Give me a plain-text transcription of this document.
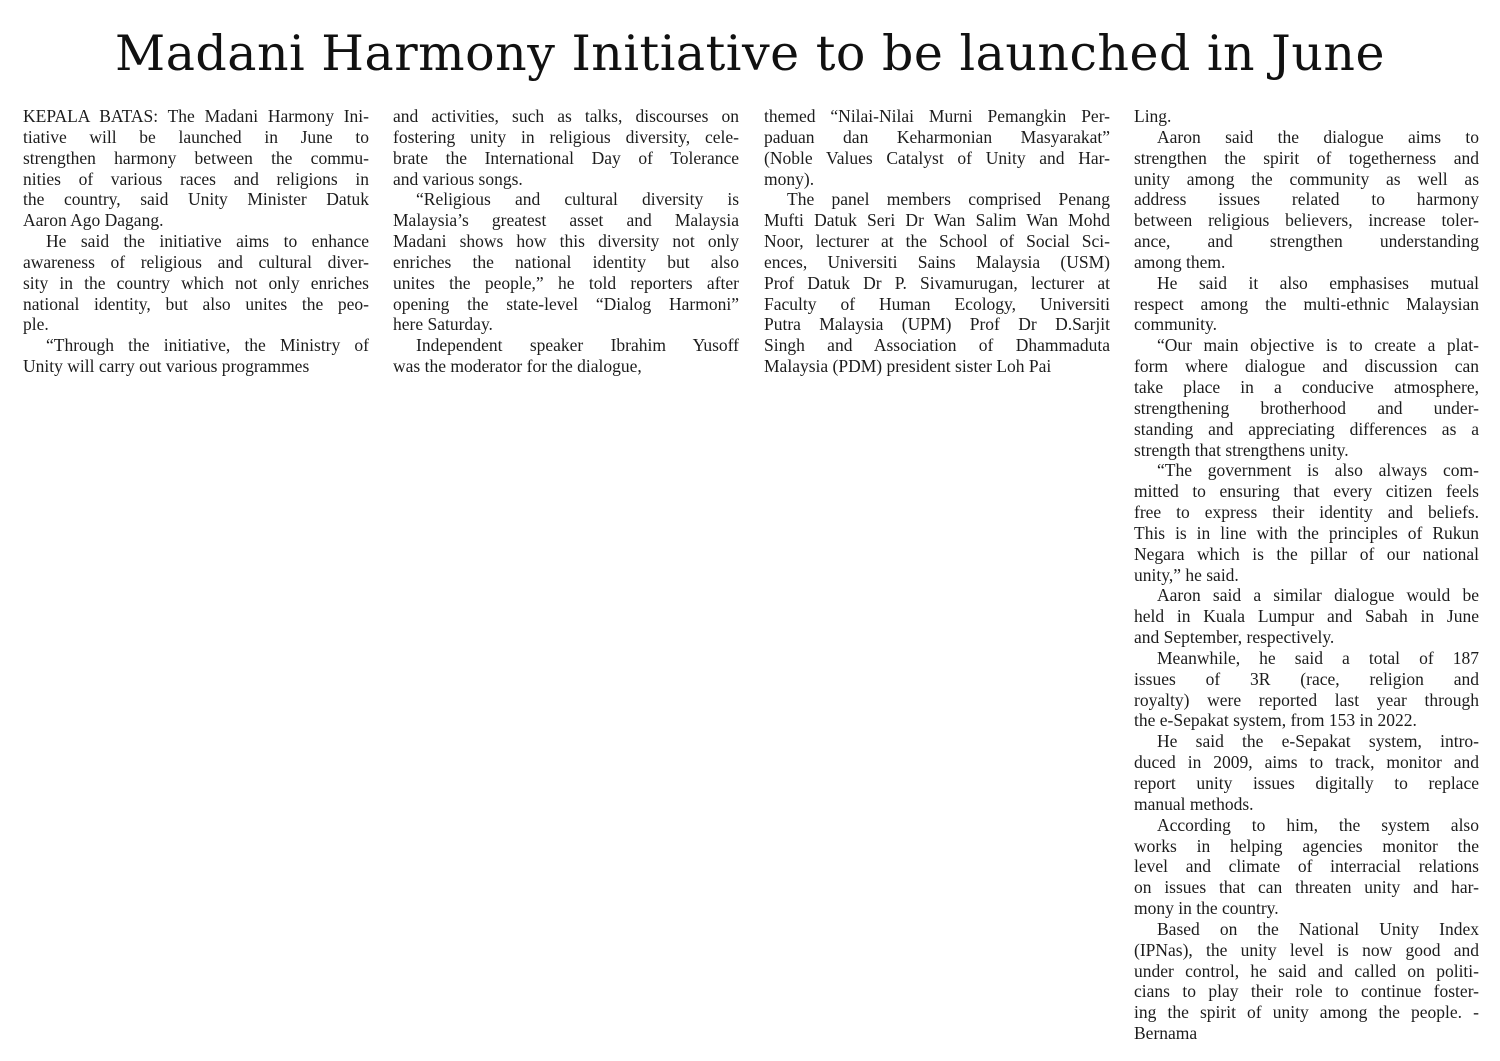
Madani Harmony Initiative to be launched in June

KEPALA BATAS: The Madani Harmony Ini-
tiative will be launched in June to
strengthen harmony between the commu-
nities of various races and religions in
the country, said Unity Minister Datuk
Aaron Ago Dagang.

He said the initiative aims to enhance
awareness of religious and cultural diver-
sity in the country which not only enriches
national identity, but also unites the peo-
ple.

“Through the initiative, the Ministry of
Unity will carry out various programmes

and activities, such as talks, discourses on
fostering unity in religious diversity, cele-
brate the International Day of Tolerance
and various songs.

“Religious and cultural diversity is
Malaysia’s greatest asset and Malaysia
Madani shows how this diversity not only
enriches the national identity but also
unites the people,” he told reporters after
opening the state-level “Dialog Harmoni”
here Saturday.

Independent speaker Ibrahim Yusoff
was the moderator for the dialogue,

themed “Nilai-Nilai Murni Pemangkin Per-
paduan dan Keharmonian Masyarakat”
(Noble Values Catalyst of Unity and Har-
mony).

The panel members comprised Penang
Mufti Datuk Seri Dr Wan Salim Wan Mohd
Noor, lecturer at the School of Social Sci-
ences, Universiti Sains Malaysia (USM)
Prof Datuk Dr P. Sivamurugan, lecturer at
Faculty of Human Ecology, Universiti
Putra Malaysia (UPM) Prof Dr D.Sarjit
Singh and Association of Dhammaduta
Malaysia (PDM) president sister Loh Pai

Ling.

Aaron said the dialogue aims to
strengthen the spirit of togetherness and
unity among the community as well as
address issues related to harmony
between religious believers, increase toler-
ance, and strengthen understanding
among them.

He said it also emphasises mutual
respect among the multi-ethnic Malaysian
community.

“Our main objective is to create a plat-
form where dialogue and discussion can
take place in a conducive atmosphere,
strengthening brotherhood and under-
standing and appreciating differences as a
strength that strengthens unity.

“The government is also always com-
mitted to ensuring that every citizen feels
free to express their identity and beliefs.
This is in line with the principles of Rukun
Negara which is the pillar of our national
unity,” he said.

Aaron said a similar dialogue would be
held in Kuala Lumpur and Sabah in June
and September, respectively.

Meanwhile, he said a total of 187
issues of 3R (race, religion and
royalty) were reported last year through
the e-Sepakat system, from 153 in 2022.

He said the e-Sepakat system, intro-
duced in 2009, aims to track, monitor and
report unity issues digitally to replace
manual methods.

According to him, the system also
works in helping agencies monitor the
level and climate of interracial relations
on issues that can threaten unity and har-
mony in the country.

Based on the National Unity Index
(IPNas), the unity level is now good and
under control, he said and called on politi-
cians to play their role to continue foster-
ing the spirit of unity among the people. -
Bernama
